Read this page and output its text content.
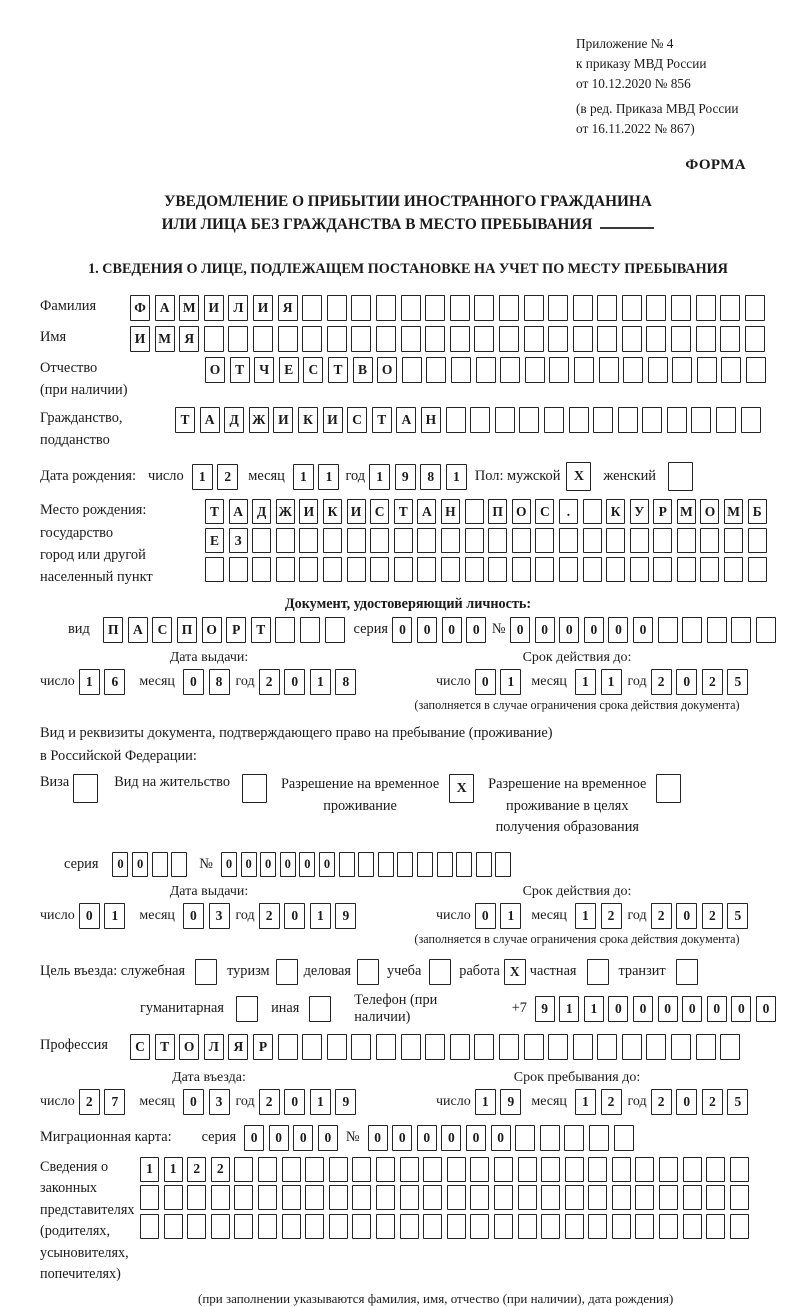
Приложение № 4
к приказу МВД России
от 10.12.2020 № 856
(в ред. Приказа МВД России
от 16.11.2022 № 867)
ФОРМА
УВЕДОМЛЕНИЕ О ПРИБЫТИИ ИНОСТРАННОГО ГРАЖДАНИНА
ИЛИ ЛИЦА БЕЗ ГРАЖДАНСТВА В МЕСТО ПРЕБЫВАНИЯ
1. СВЕДЕНИЯ О ЛИЦЕ, ПОДЛЕЖАЩЕМ ПОСТАНОВКЕ НА УЧЕТ ПО МЕСТУ ПРЕБЫВАНИЯ
Фамилия	Ф	А М И	Л	И	Я
Имя	И М Я
Отчество
(при наличии)
О	Т	Ч	Е	С	Т	В	О
Гражданство,
подданство
Т	А	Д Ж И	К	И	С	Т	А	Н
Дата рождения: число	1	2	месяц	1	1 год 1	9	8	1	Пол: мужской X	женский
Место рождения:
государство
город или другой
населенный пункт
Т	А	Д Ж И К И С	Т	А Н	П О С	.	К	У	Р М О М Б
Е	З
Документ, удостоверяющий личность:
вид	П	А	С	П	О	Р	Т	серия 0	0	0	0 № 0	0	0	0	0	0
Дата выдачи:
число 1	6	месяц	0	8 год 2	0	1	8
Срок действия до:
число 0	1	месяц	1	1 год 2	0	2	5
(заполняется в случае ограничения срока действия документа)
Вид и реквизиты документа, подтверждающего право на пребывание (проживание)
в Российской Федерации:
Виза	Вид на жительство	Разрешение на временное
проживание
X	Разрешение на временное
проживание в целях
получения образования
серия	0	0	№	0	0	0	0	0	0
Дата выдачи:
число 0	1	месяц	0	3 год 2	0	1	9
Срок действия до:
число 0	1	месяц	1	2 год 2	0	2	5
(заполняется в случае ограничения срока действия документа)
Цель въезда: служебная	туризм деловая	учеба	работа X частная	транзит
гуманитарная	иная
Телефон (при наличии)
+7	9	1	1	0	0	0	0	0	0	0
Профессия	С	Т	О	Л	Я	Р
Дата въезда:
число 2	7	месяц	0	3 год 2	0	1	9
Срок пребывания до:
число 1	9	месяц	1	2 год 2	0	2	5
Миграционная карта: серия	0	0	0	0	№	0	0	0	0	0	0
Сведения о
законных
представителях
(родителях,
усыновителях,
попечителях)
1	1	2	2
(при заполнении указываются фамилия, имя, отчество (при наличии), дата рождения)
